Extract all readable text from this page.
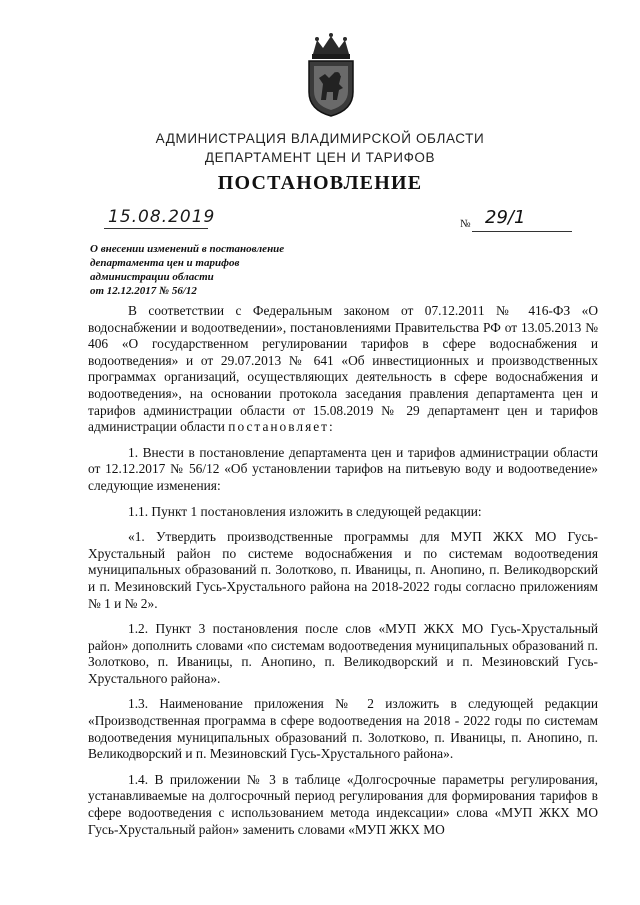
АДМИНИСТРАЦИЯ ВЛАДИМИРСКОЙ ОБЛАСТИ
ДЕПАРТАМЕНТ ЦЕН И ТАРИФОВ
ПОСТАНОВЛЕНИЕ
15.08.2019	№ 29/1
О внесении изменений в постановление
департамента цен и тарифов
администрации области
от 12.12.2017 № 56/12

В соответствии с Федеральным законом от 07.12.2011 № 416-ФЗ «О водоснабжении и водоотведении», постановлениями Правительства РФ от 13.05.2013 № 406 «О государственном регулировании тарифов в сфере водоснабжения и водоотведения» и от 29.07.2013 № 641 «Об инвестиционных и производственных программах организаций, осуществляющих деятельность в сфере водоснабжения и водоотведения», на основании протокола заседания правления департамента цен и тарифов администрации области от 15.08.2019 № 29 департамент цен и тарифов администрации области постановляет:

1. Внести в постановление департамента цен и тарифов администрации области от 12.12.2017 № 56/12 «Об установлении тарифов на питьевую воду и водоотведение» следующие изменения:

1.1. Пункт 1 постановления изложить в следующей редакции:

«1. Утвердить производственные программы для МУП ЖКХ МО Гусь-Хрустальный район по системе водоснабжения и по системам водоотведения муниципальных образований п. Золотково, п. Иваницы, п. Анопино, п. Великодворский и п. Мезиновский Гусь-Хрустального района на 2018-2022 годы согласно приложениям № 1 и № 2».

1.2. Пункт 3 постановления после слов «МУП ЖКХ МО Гусь-Хрустальный район» дополнить словами «по системам водоотведения муниципальных образований п. Золотково, п. Иваницы, п. Анопино, п. Великодворский и п. Мезиновский Гусь-Хрустального района».

1.3. Наименование приложения № 2 изложить в следующей редакции «Производственная программа в сфере водоотведения на 2018 - 2022 годы по системам водоотведения муниципальных образований п. Золотково, п. Иваницы, п. Анопино, п. Великодворский и п. Мезиновский Гусь-Хрустального района».

1.4. В приложении № 3 в таблице «Долгосрочные параметры регулирования, устанавливаемые на долгосрочный период регулирования для формирования тарифов в сфере водоотведения с использованием метода индексации» слова «МУП ЖКХ МО Гусь-Хрустальный район» заменить словами «МУП ЖКХ МО
